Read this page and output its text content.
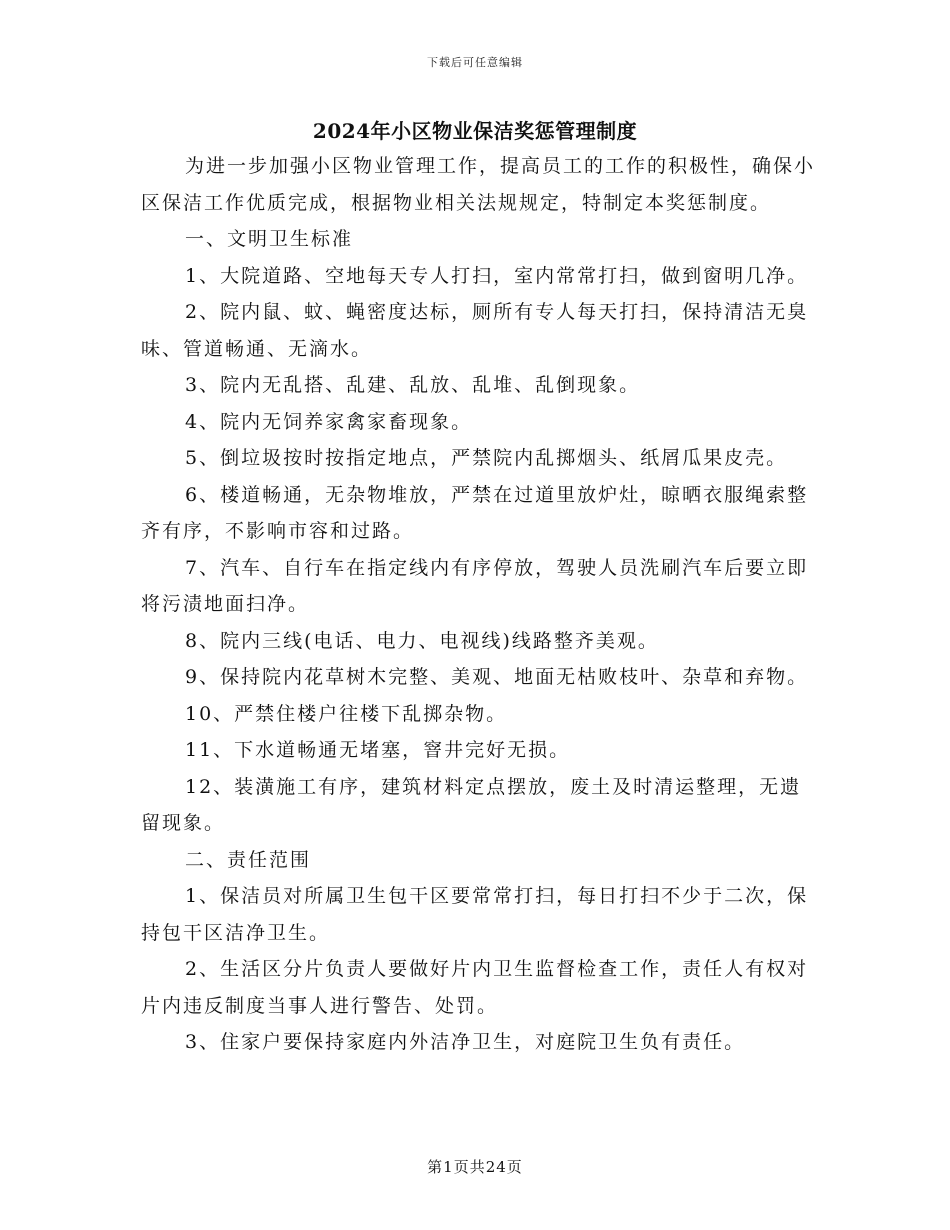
下载后可任意编辑
2024年小区物业保洁奖惩管理制度

为进一步加强小区物业管理工作，提高员工的工作的积极性，确保小区保洁工作优质完成，根据物业相关法规规定，特制定本奖惩制度。

一、文明卫生标准

1、大院道路、空地每天专人打扫，室内常常打扫，做到窗明几净。

2、院内鼠、蚊、蝇密度达标，厕所有专人每天打扫，保持清洁无臭味、管道畅通、无滴水。

3、院内无乱搭、乱建、乱放、乱堆、乱倒现象。

4、院内无饲养家禽家畜现象。

5、倒垃圾按时按指定地点，严禁院内乱掷烟头、纸屑瓜果皮壳。

6、楼道畅通，无杂物堆放，严禁在过道里放炉灶，晾晒衣服绳索整齐有序，不影响市容和过路。

7、汽车、自行车在指定线内有序停放，驾驶人员洗刷汽车后要立即将污渍地面扫净。

8、院内三线(电话、电力、电视线)线路整齐美观。

9、保持院内花草树木完整、美观、地面无枯败枝叶、杂草和弃物。

10、严禁住楼户往楼下乱掷杂物。

11、下水道畅通无堵塞，窨井完好无损。

12、装潢施工有序，建筑材料定点摆放，废土及时清运整理，无遗留现象。

二、责任范围

1、保洁员对所属卫生包干区要常常打扫，每日打扫不少于二次，保持包干区洁净卫生。

2、生活区分片负责人要做好片内卫生监督检查工作，责任人有权对片内违反制度当事人进行警告、处罚。

3、住家户要保持家庭内外洁净卫生，对庭院卫生负有责任。

第1页共24页
